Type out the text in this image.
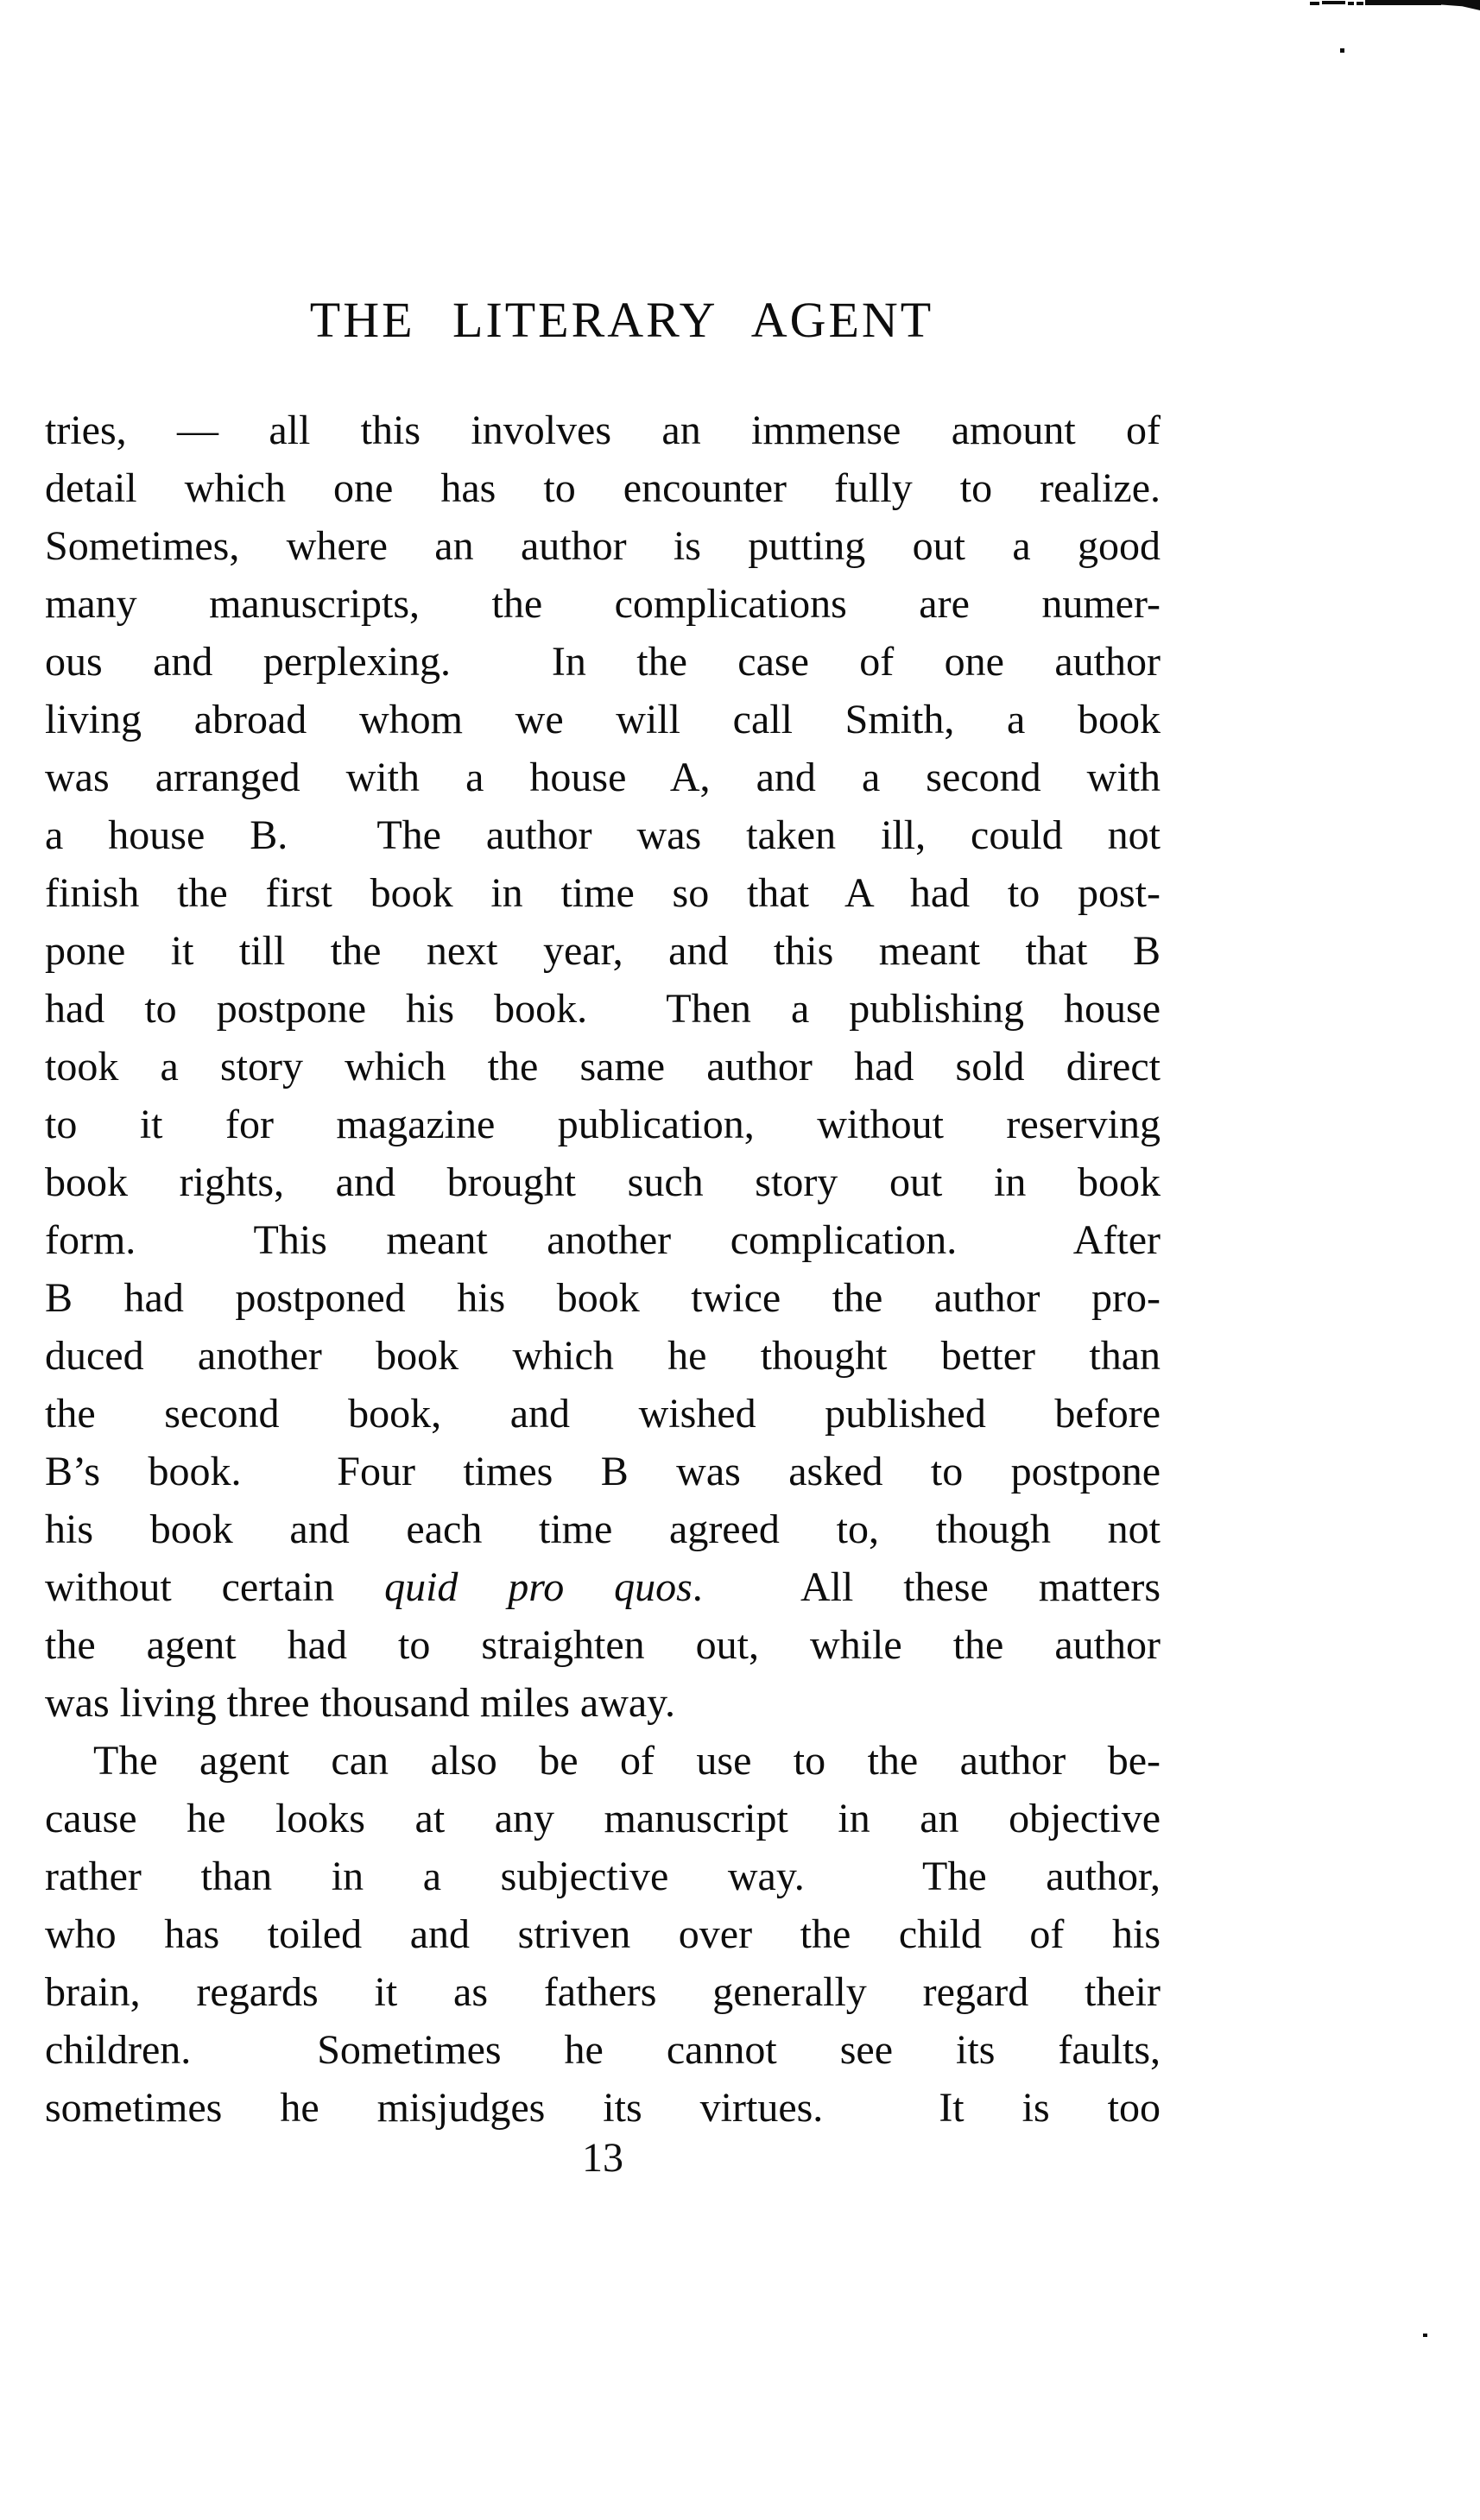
THE LITERARY AGENT
tries, — all this involves an immense amount of
detail which one has to encounter fully to realize.
Sometimes, where an author is putting out a good
many manuscripts, the complications are numer-
ous and perplexing.  In the case of one author
living abroad whom we will call Smith, a book
was arranged with a house A, and a second with
a house B.  The author was taken ill, could not
finish the first book in time so that A had to post-
pone it till the next year, and this meant that B
had to postpone his book.  Then a publishing house
took a story which the same author had sold direct
to it for magazine publication, without reserving
book rights, and brought such story out in book
form.  This meant another complication.  After
B had postponed his book twice the author pro-
duced another book which he thought better than
the second book, and wished published before
B’s book.  Four times B was asked to postpone
his book and each time agreed to, though not
without certain quid pro quos.  All these matters
the agent had to straighten out, while the author
was living three thousand miles away.
The agent can also be of use to the author be-
cause he looks at any manuscript in an objective
rather than in a subjective way.  The author,
who has toiled and striven over the child of his
brain, regards it as fathers generally regard their
children.  Sometimes he cannot see its faults,
sometimes he misjudges its virtues.  It is too
13
